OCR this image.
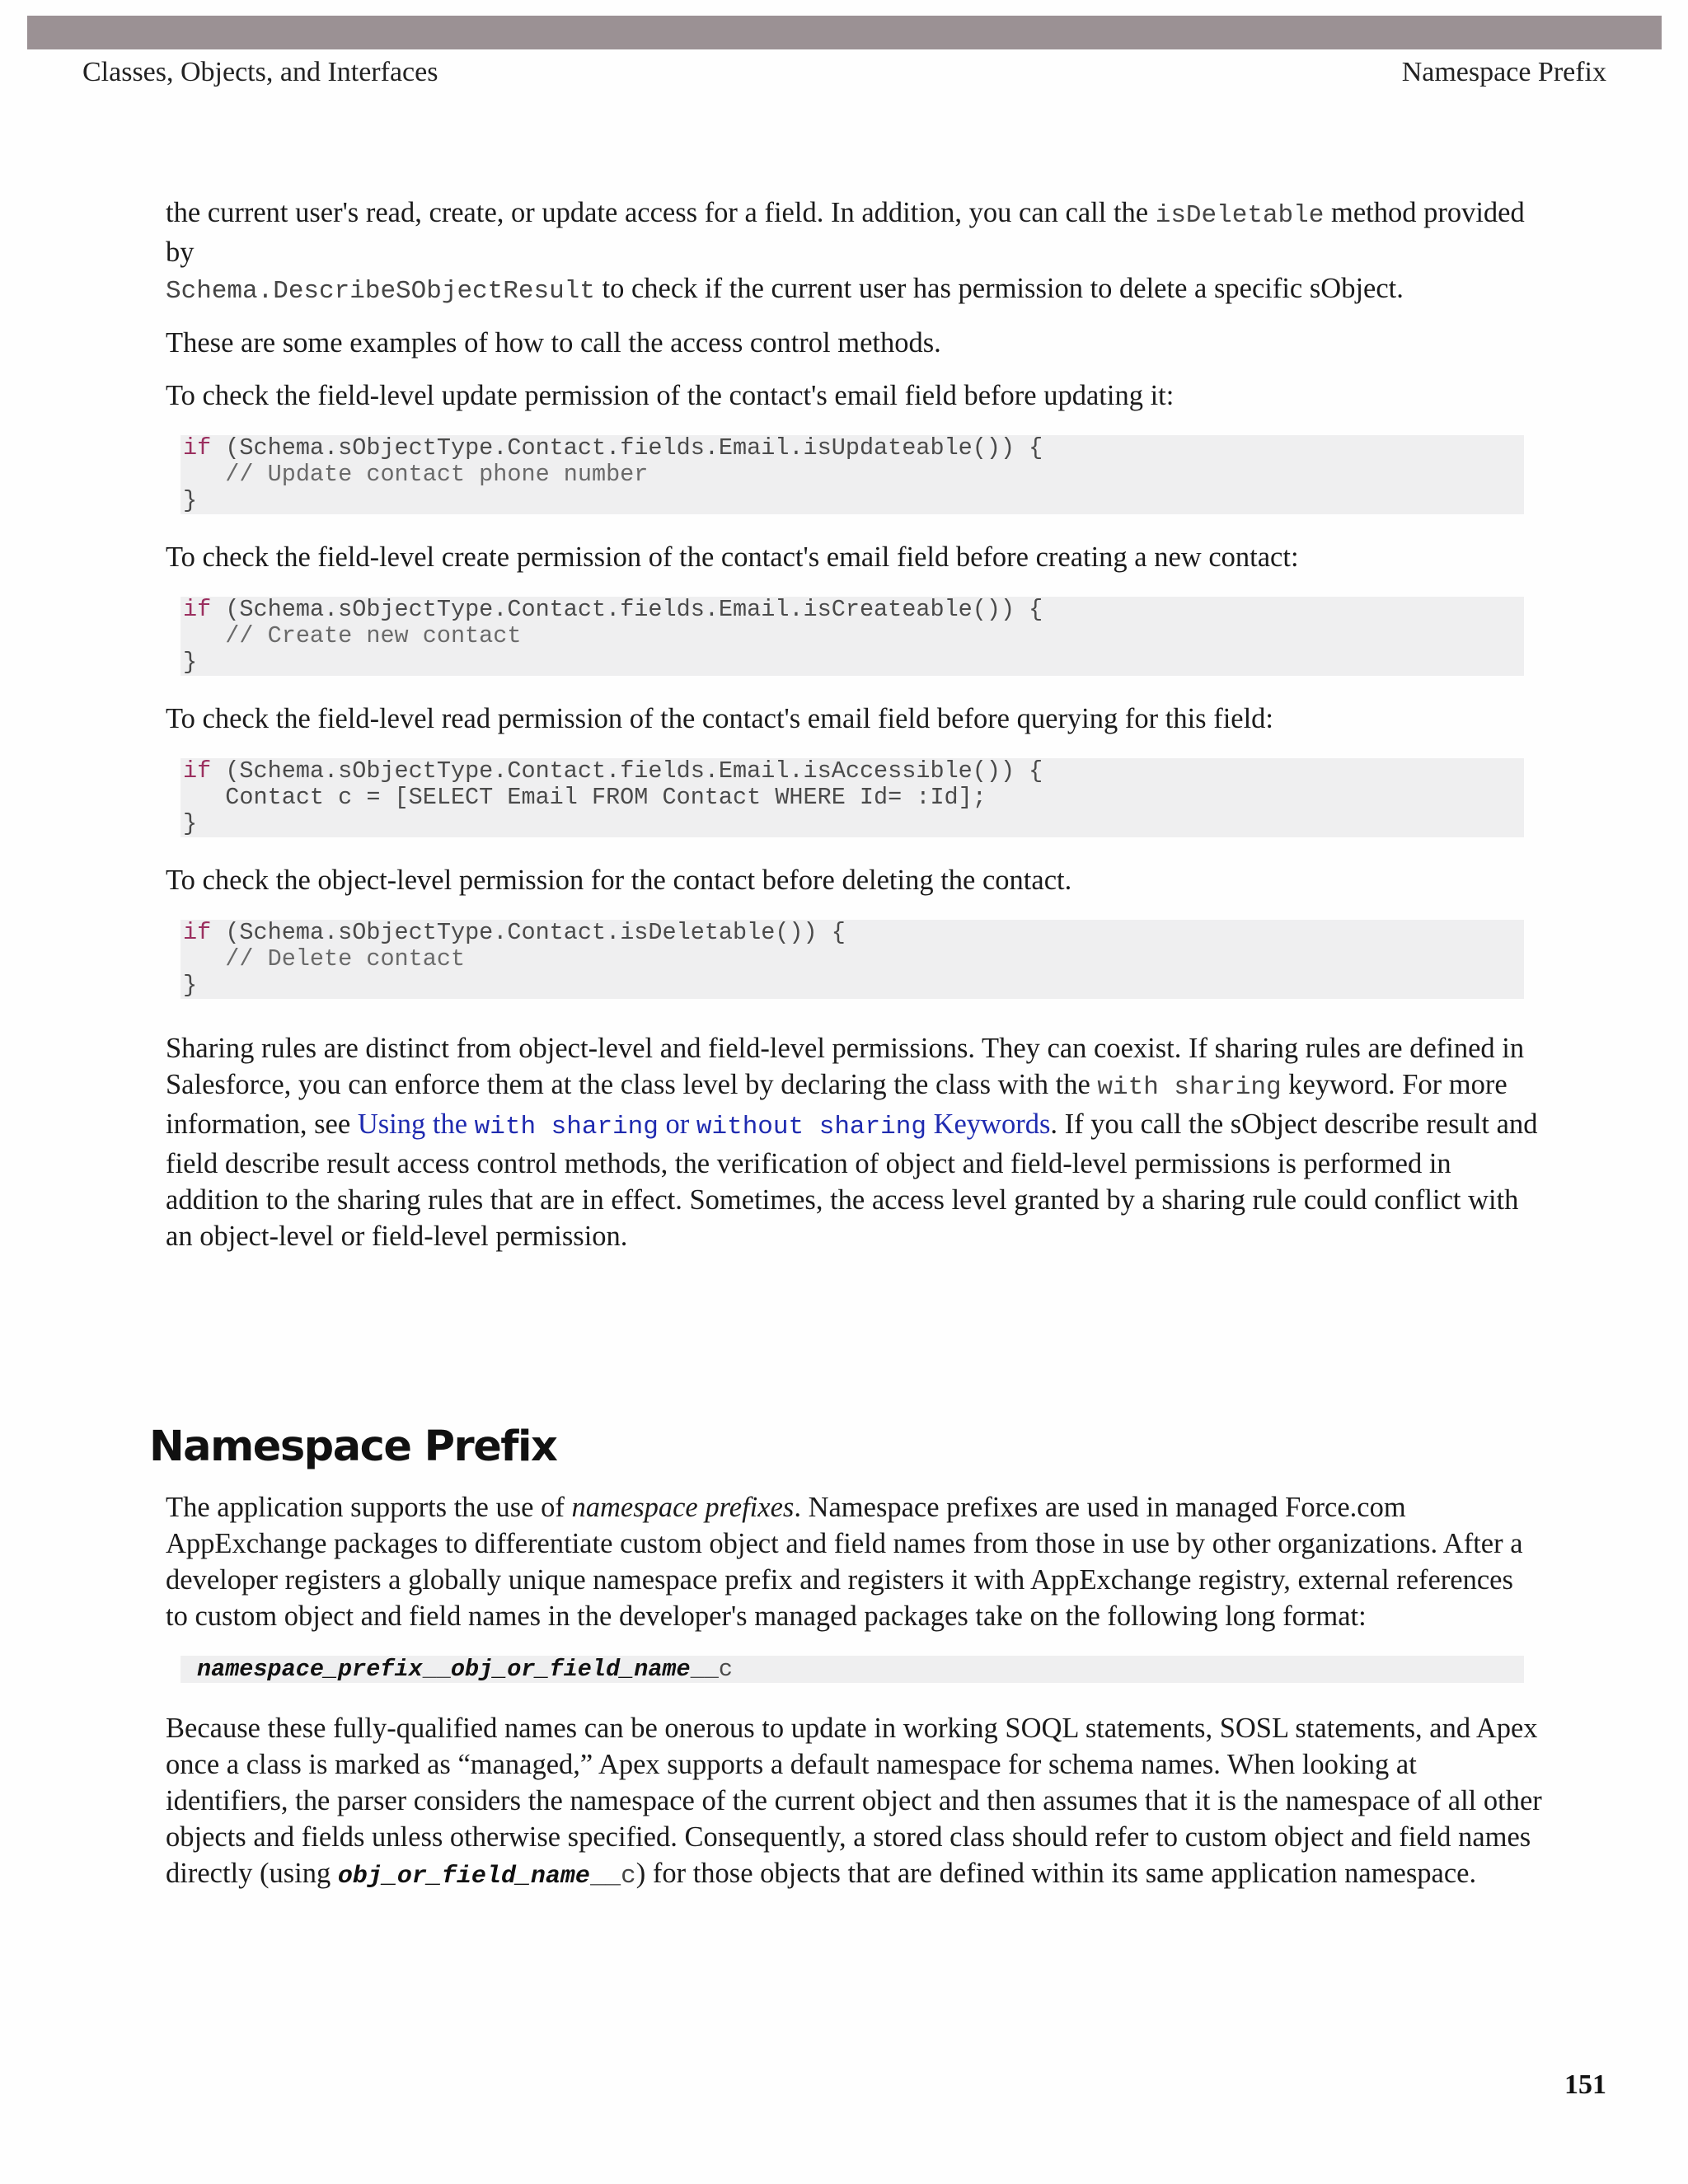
Classes, Objects, and Interfaces	Namespace Prefix

the current user's read, create, or update access for a field. In addition, you can call the isDeletable method provided by
Schema.DescribeSObjectResult to check if the current user has permission to delete a specific sObject.

These are some examples of how to call the access control methods.

To check the field-level update permission of the contact's email field before updating it:

if (Schema.sObjectType.Contact.fields.Email.isUpdateable()) {
// Update contact phone number
}

To check the field-level create permission of the contact's email field before creating a new contact:

if (Schema.sObjectType.Contact.fields.Email.isCreateable()) {
// Create new contact
}

To check the field-level read permission of the contact's email field before querying for this field:

if (Schema.sObjectType.Contact.fields.Email.isAccessible()) {
Contact c = [SELECT Email FROM Contact WHERE Id= :Id];
}

To check the object-level permission for the contact before deleting the contact.

if (Schema.sObjectType.Contact.isDeletable()) {
// Delete contact
}

Sharing rules are distinct from object-level and field-level permissions. They can coexist. If sharing rules are defined in Salesforce, you can enforce them at the class level by declaring the class with the with sharing keyword. For more information, see Using the with sharing or without sharing Keywords. If you call the sObject describe result and field describe result access control methods, the verification of object and field-level permissions is performed in addition to the sharing rules that are in effect. Sometimes, the access level granted by a sharing rule could conflict with an object-level or field-level permission.

Namespace Prefix

The application supports the use of namespace prefixes. Namespace prefixes are used in managed Force.com AppExchange packages to differentiate custom object and field names from those in use by other organizations. After a developer registers a globally unique namespace prefix and registers it with AppExchange registry, external references to custom object and field names in the developer's managed packages take on the following long format:

namespace_prefix__obj_or_field_name__c

Because these fully-qualified names can be onerous to update in working SOQL statements, SOSL statements, and Apex once a class is marked as “managed,” Apex supports a default namespace for schema names. When looking at identifiers, the parser considers the namespace of the current object and then assumes that it is the namespace of all other objects and fields unless otherwise specified. Consequently, a stored class should refer to custom object and field names directly (using obj_or_field_name__c) for those objects that are defined within its same application namespace.

151
